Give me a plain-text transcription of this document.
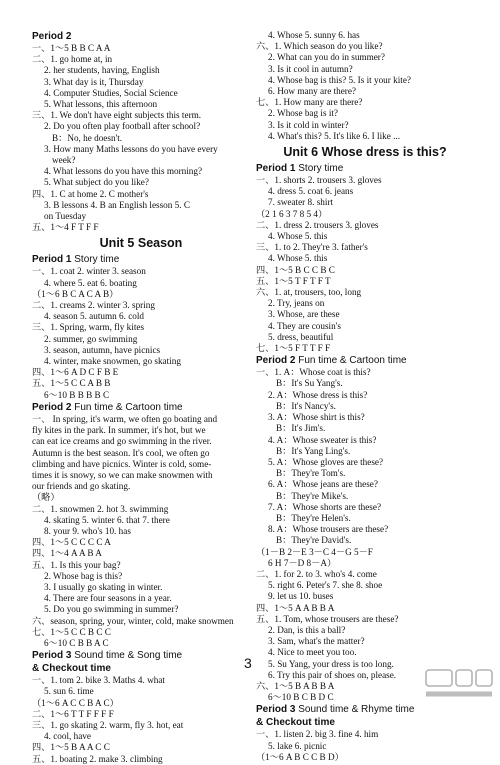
Period 2
一、1～5 B B C A A
二、1. go home at, in
2. her students, having, English
3. What day is it, Thursday
4. Computer Studies, Social Science
5. What lessons, this afternoon
三、1. We don't have eight subjects this term.
2. Do you often play football after school?
B：No, he doesn't.
3. How many Maths lessons do you have every
week?
4. What lessons do you have this morning?
5. What subject do you like?
四、1. C at home 2. C mother's
3. B lessons 4. B an English lesson 5. C
on Tuesday
五、1～4 F T F F
Unit 5 Season
Period 1 Story time
一、1. coat 2. winter 3. season
4. where 5. eat 6. boating
（1～6 B C A C A B）
二、1. creams 2. winter 3. spring
4. season 5. autumn 6. cold
三、1. Spring, warm, fly kites
2. summer, go swimming
3. season, autumn, have picnics
4. winter, make snowmen, go skating
四、1～6 A D C F B E
五、1～5 C C A B B
6～10 B B B B C
Period 2 Fun time & Cartoon time
一、 In spring, it's warm, we often go boating and
fly kites in the park. In summer, it's hot, but we
can eat ice creams and go swimming in the river.
Autumn is the best season. It's cool, we often go
climbing and have picnics. Winter is cold, some-
times it is snowy, so we can make snowmen with
our friends and go skating.
（略）
二、1. snowmen 2. hot 3. swimming
4. skating 5. winter 6. that 7. there
8. your 9. who's 10. has
四、1～5 C C C C A
四、1～4 A A B A
五、1. Is this your bag?
2. Whose bag is this?
3. I usually go skating in winter.
4. There are four seasons in a year.
5. Do you go swimming in summer?
六、season, spring, your, winter, cold, make snowmen
七、1～5 C C B C C
6～10 C B B A C
Period 3 Sound time & Song time
& Checkout time
一、1. tom 2. bike 3. Maths 4. what
5. sun 6. time
（1～6 A C C B A C）
二、1～6 T T F F F F
三、1. go skating 2. warm, fly 3. hot, eat
4. cool, have
四、1～5 B A A C C
五、1. boating 2. make 3. climbing
4. Whose 5. sunny 6. has
六、1. Which season do you like?
2. What can you do in summer?
3. Is it cool in autumn?
4. Whose bag is this? 5. Is it your kite?
6. How many are there?
七、1. How many are there?
2. Whose bag is it?
3. Is it cold in winter?
4. What's this? 5. It's like 6. I like ...
Unit 6 Whose dress is this?
Period 1 Story time
一、1. shorts 2. trousers 3. gloves
4. dress 5. coat 6. jeans
7. sweater 8. shirt
（2 1 6 3 7 8 5 4）
二、1. dress 2. trousers 3. gloves
4. Whose 5. this
三、1. to 2. They're 3. father's
4. Whose 5. this
四、1～5 B C C B C
五、1～5 T F T F T
六、1. at, trousers, too, long
2. Try, jeans on
3. Whose, are these
4. They are cousin's
5. dress, beautiful
七、1～5 F T T F F
Period 2 Fun time & Cartoon time
一、1. A：Whose coat is this?
B：It's Su Yang's.
2. A：Whose dress is this?
B：It's Nancy's.
3. A：Whose shirt is this?
B：It's Jim's.
4. A：Whose sweater is this?
B：It's Yang Ling's.
5. A：Whose gloves are these?
B：They're Tom's.
6. A：Whose jeans are these?
B：They're Mike's.
7. A：Whose shorts are these?
B：They're Helen's.
8. A：Whose trousers are these?
B：They're David's.
（1－B 2－E 3－C 4－G 5－F
6 H 7－D 8－A）
二、1. for 2. to 3. who's 4. come
5. right 6. Peter's 7. she 8. shoe
9. let us 10. buses
四、1～5 A A B B A
五、1. Tom, whose trousers are these?
2. Dan, is this a ball?
3. Sam, what's the matter?
4. Nice to meet you too.
5. Su Yang, your dress is too long.
6. Try this pair of shoes on, please.
六、1～5 B A B B A
6～10 B C B D C
Period 3 Sound time & Rhyme time
& Checkout time
一、1. listen 2. big 3. fine 4. him
5. lake 6. picnic
（1～6 A B C C B D）
3
